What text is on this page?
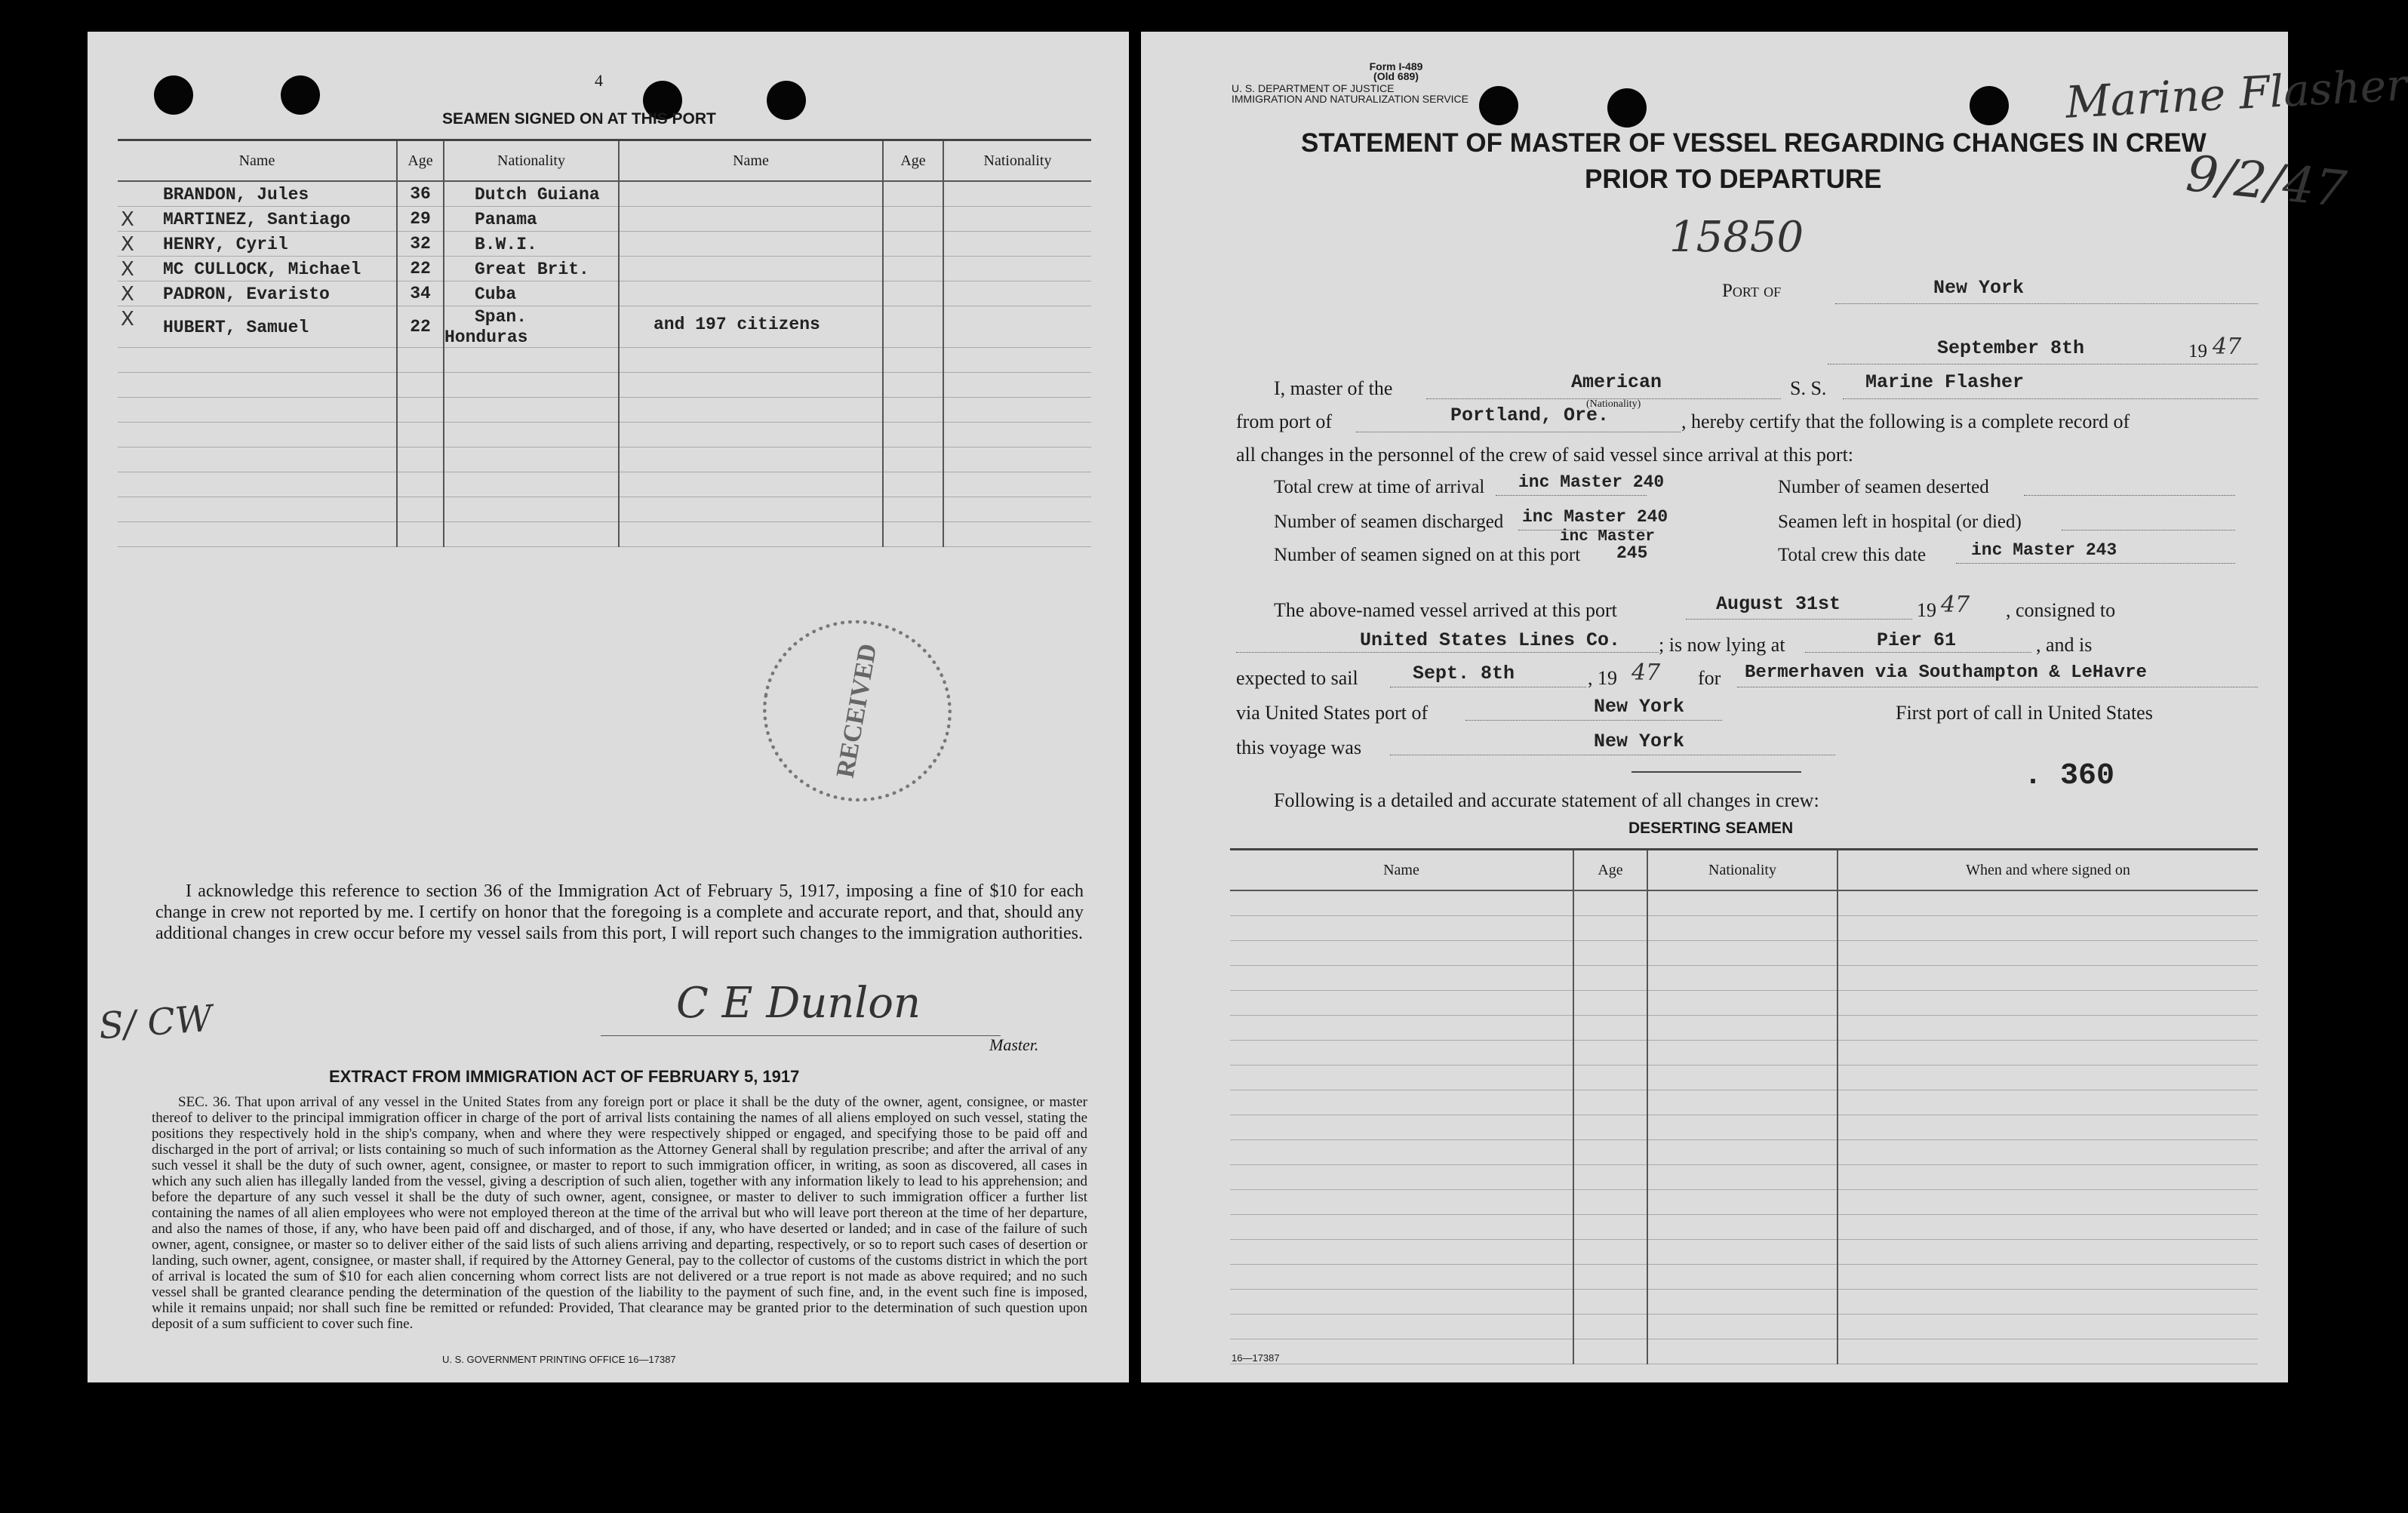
4
SEAMEN SIGNED ON AT THIS PORT
Name	Age	Nationality	Name	Age	Nationality

BRANDON, Jules	36	Dutch Guiana			

X MARTINEZ, Santiago	29	Panama			

X HENRY, Cyril	32	B.W.I.			

X MC CULLOCK, Michael	22	Great Brit.			

X PADRON, Evaristo	34	Cuba			

X HUBERT, Samuel	22	Span. Honduras			

and 197 citizens
RECEIVED
I acknowledge this reference to section 36 of the Immigration Act of February 5, 1917, imposing a fine of $10 for each change in crew not reported by me. I certify on honor that the foregoing is a complete and accurate report, and that, should any additional changes in crew occur before my vessel sails from this port, I will report such changes to the immigration authorities.
S/ CW	C E Dunlon
Master.
EXTRACT FROM IMMIGRATION ACT OF FEBRUARY 5, 1917
SEC. 36. That upon arrival of any vessel in the United States from any foreign port or place it shall be the duty of the owner, agent, consignee, or master thereof to deliver to the principal immigration officer in charge of the port of arrival lists containing the names of all aliens employed on such vessel, stating the positions they respectively hold in the ship's company, when and where they were respectively shipped or engaged, and specifying those to be paid off and discharged in the port of arrival; or lists containing so much of such information as the Attorney General shall by regulation prescribe; and after the arrival of any such vessel it shall be the duty of such owner, agent, consignee, or master to report to such immigration officer, in writing, as soon as discovered, all cases in which any such alien has illegally landed from the vessel, giving a description of such alien, together with any information likely to lead to his apprehension; and before the departure of any such vessel it shall be the duty of such owner, agent, consignee, or master to deliver to such immigration officer a further list containing the names of all alien employees who were not employed thereon at the time of the arrival but who will leave port thereon at the time of her departure, and also the names of those, if any, who have been paid off and discharged, and of those, if any, who have deserted or landed; and in case of the failure of such owner, agent, consignee, or master so to deliver either of the said lists of such aliens arriving and departing, respectively, or so to report such cases of desertion or landing, such owner, agent, consignee, or master shall, if required by the Attorney General, pay to the collector of customs of the customs district in which the port of arrival is located the sum of $10 for each alien concerning whom correct lists are not delivered or a true report is not made as above required; and no such vessel shall be granted clearance pending the determination of the question of the liability to the payment of such fine, and, in the event such fine is imposed, while it remains unpaid; nor shall such fine be remitted or refunded: Provided, That clearance may be granted prior to the determination of such question upon deposit of a sum sufficient to cover such fine.
U. S. GOVERNMENT PRINTING OFFICE 16—17387
Form I-489
(Old 689)
U. S. DEPARTMENT OF JUSTICE
IMMIGRATION AND NATURALIZATION SERVICE	Marine Flasher
9/2/47
STATEMENT OF MASTER OF VESSEL REGARDING CHANGES IN CREW
PRIOR TO DEPARTURE
15850
Port of	New York
September 8th	19 47
I, master of the	American
(Nationality)
S. S. Marine Flasher
from port of	Portland, Ore.	, hereby certify that the following is a complete record of
all changes in the personnel of the crew of said vessel since arrival at this port:
Total crew at time of arrival inc Master 240
Number of seamen discharged inc Master 240
Number of seamen signed on at this port
inc Master
245
Number of seamen deserted
Seamen left in hospital (or died)
Total crew this date	inc Master 243
The above-named vessel arrived at this port	August 31st	19 47 , consigned to
United States Lines Co. ; is now lying at	Pier 61	, and is
expected to sail	Sept. 8th	, 19 47 for Bermerhaven via Southampton & LeHavre
via United States port of	New York	First port of call in United States
this voyage was	New York
. 360
Following is a detailed and accurate statement of all changes in crew:
DESERTING SEAMEN
Name	Age	Nationality	When and where signed on

16—17387
